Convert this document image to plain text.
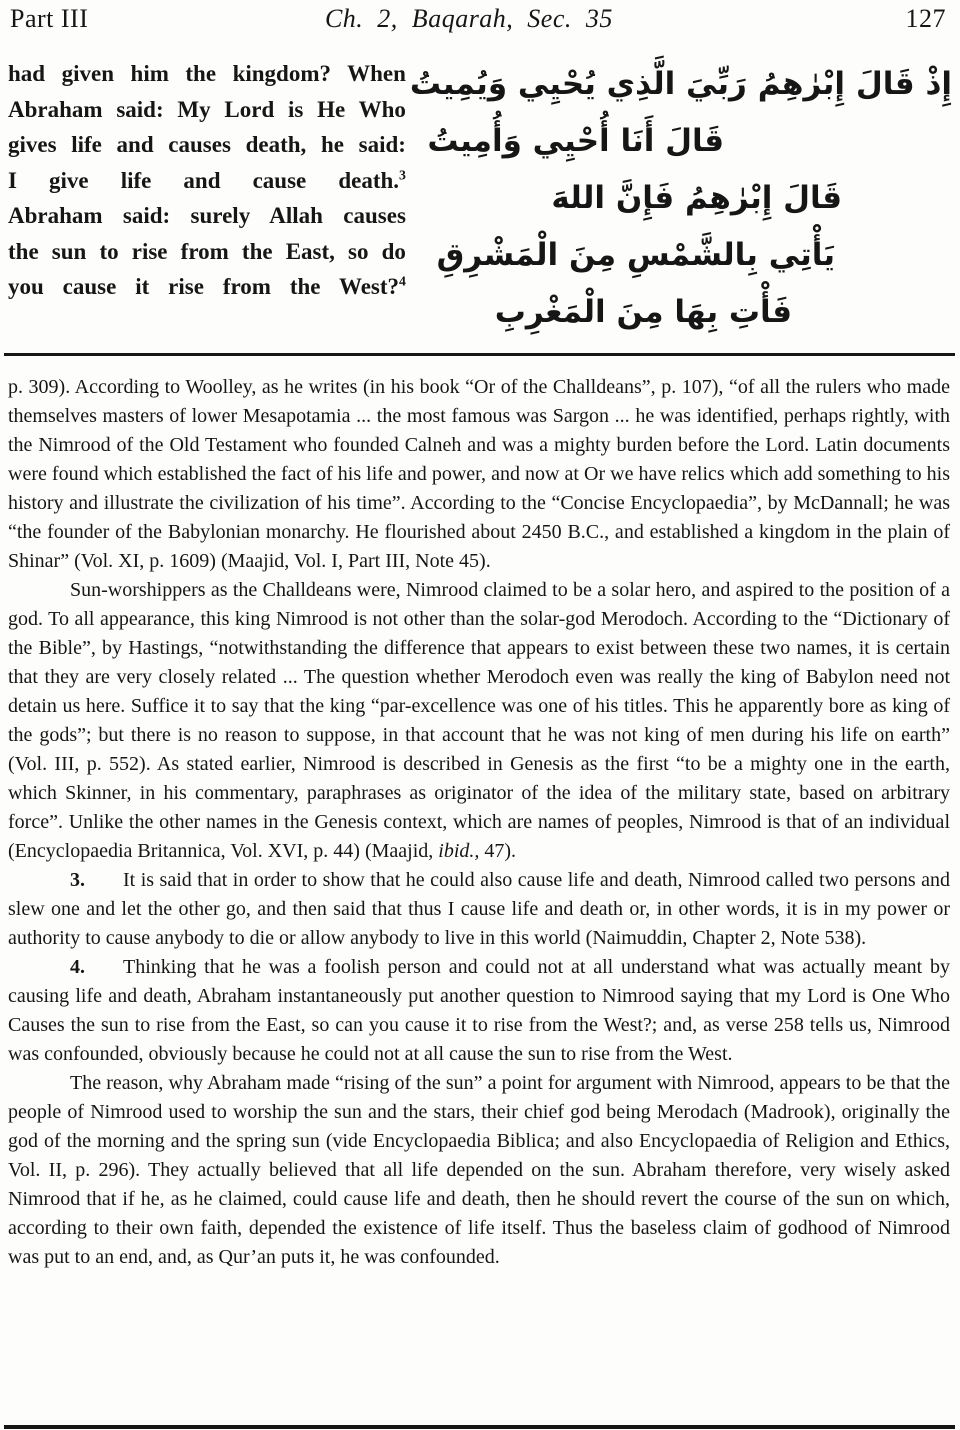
Part III	Ch. 2, Baqarah, Sec. 35	127
had given him the kingdom? When Abraham said: My Lord is He Who gives life and causes death, he said: I give life and cause death.$^3$ Abraham said: surely Allah causes the sun to rise from the East, so do you cause it rise from the West?$^4$
إِذْ قَالَ إِبْرٰهِمُ رَبِّيَ الَّذِي يُحْيِي وَيُمِيتُ
قَالَ أَنَا أُحْيِي وَأُمِيتُ
قَالَ إِبْرٰهِمُ فَإِنَّ اللهَ
يَأْتِي بِالشَّمْسِ مِنَ الْمَشْرِقِ
فَأْتِ بِهَا مِنَ الْمَغْرِبِ

p. 309). According to Woolley, as he writes (in his book “Or of the Challdeans”, p. 107), “of all the rulers who made themselves masters of lower Mesapotamia ... the most famous was Sargon ... he was identified, perhaps rightly, with the Nimrood of the Old Testament who founded Calneh and was a mighty burden before the Lord. Latin documents were found which established the fact of his life and power, and now at Or we have relics which add something to his history and illustrate the civilization of his time”. According to the “Concise Encyclopaedia”, by McDannall; he was “the founder of the Babylonian monarchy. He flourished about 2450 B.C., and established a kingdom in the plain of Shinar” (Vol. XI, p. 1609) (Maajid, Vol. I, Part III, Note 45).

Sun-worshippers as the Challdeans were, Nimrood claimed to be a solar hero, and aspired to the position of a god. To all appearance, this king Nimrood is not other than the solar-god Merodoch. According to the “Dictionary of the Bible”, by Hastings, “notwithstanding the difference that appears to exist between these two names, it is certain that they are very closely related ... The question whether Merodoch even was really the king of Babylon need not detain us here. Suffice it to say that the king “par-excellence was one of his titles. This he apparently bore as king of the gods”; but there is no reason to suppose, in that account that he was not king of men during his life on earth” (Vol. III, p. 552). As stated earlier, Nimrood is described in Genesis as the first “to be a mighty one in the earth, which Skinner, in his commentary, paraphrases as originator of the idea of the military state, based on arbitrary force”. Unlike the other names in the Genesis context, which are names of peoples, Nimrood is that of an individual (Encyclopaedia Britannica, Vol. XVI, p. 44) (Maajid, ibid., 47).

3. It is said that in order to show that he could also cause life and death, Nimrood called two persons and slew one and let the other go, and then said that thus I cause life and death or, in other words, it is in my power or authority to cause anybody to die or allow anybody to live in this world (Naimuddin, Chapter 2, Note 538).

4. Thinking that he was a foolish person and could not at all understand what was actually meant by causing life and death, Abraham instantaneously put another question to Nimrood saying that my Lord is One Who Causes the sun to rise from the East, so can you cause it to rise from the West?; and, as verse 258 tells us, Nimrood was confounded, obviously because he could not at all cause the sun to rise from the West.

The reason, why Abraham made “rising of the sun” a point for argument with Nimrood, appears to be that the people of Nimrood used to worship the sun and the stars, their chief god being Merodach (Madrook), originally the god of the morning and the spring sun (vide Encyclopaedia Biblica; and also Encyclopaedia of Religion and Ethics, Vol. II, p. 296). They actually believed that all life depended on the sun. Abraham therefore, very wisely asked Nimrood that if he, as he claimed, could cause life and death, then he should revert the course of the sun on which, according to their own faith, depended the existence of life itself. Thus the baseless claim of godhood of Nimrood was put to an end, and, as Qur’an puts it, he was confounded.
